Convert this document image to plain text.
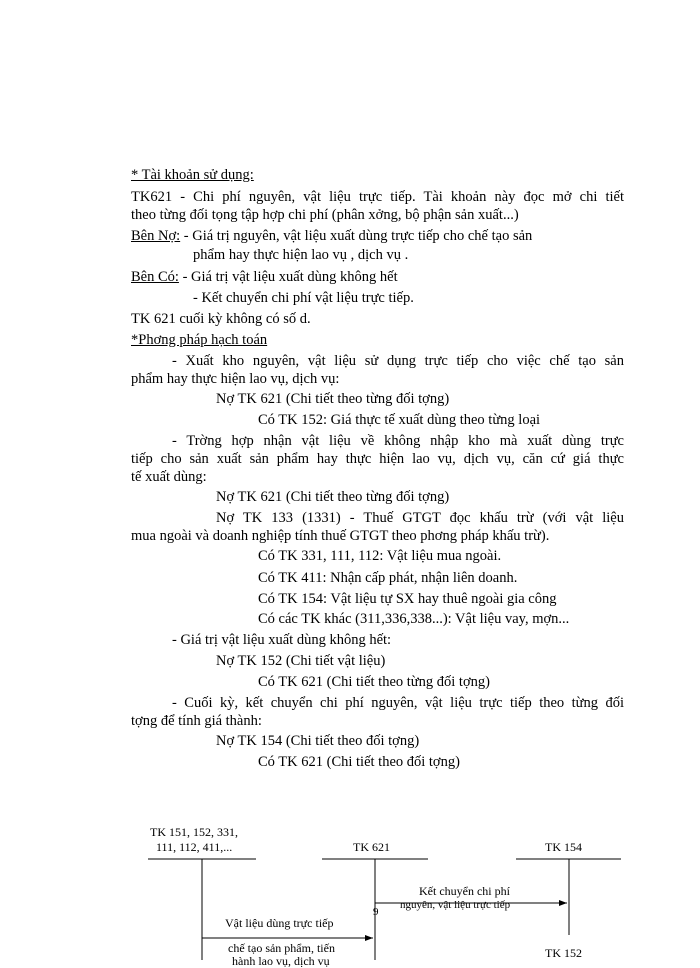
* Tài khoản sử dụng:
TK621 - Chi phí nguyên, vật liệu trực tiếp. Tài khoản này đọc mở chi tiết
theo từng đối tọng tập hợp chi phí (phân xởng, bộ phận sản xuất...)
Bên Nợ: - Giá trị nguyên, vật liệu xuất dùng trực tiếp cho chế tạo sản
phẩm hay thực hiện lao vụ , dịch vụ .
Bên Có: - Giá trị vật liệu xuất dùng không hết
- Kết chuyển chi phí vật liệu trực tiếp.
TK 621 cuối kỳ không có số d.
*Phơng pháp hạch toán
- Xuất kho nguyên, vật liệu sử dụng trực tiếp cho việc chế tạo sản
phẩm hay thực hiện lao vụ, dịch vụ:
Nợ TK 621 (Chi tiết theo từng đối tợng)
Có TK 152: Giá thực tế xuất dùng theo từng loại
- Trờng hợp nhận vật liệu về không nhập kho mà xuất dùng trực
tiếp cho sản xuất sản phẩm hay thực hiện lao vụ, dịch vụ, căn cứ giá thực
tế xuất dùng:
Nợ TK 621 (Chi tiết theo từng đối tợng)
Nợ TK 133 (1331) - Thuế GTGT đọc khấu trừ (với vật liệu
mua ngoài và doanh nghiệp tính thuế GTGT theo phơng pháp khấu trừ).
Có TK 331, 111, 112: Vật liệu mua ngoài.
Có TK 411: Nhận cấp phát, nhận liên doanh.
Có TK 154: Vật liệu tự SX hay thuê ngoài gia công
Có các TK khác (311,336,338...): Vật liệu vay, mợn...
- Giá trị vật liệu xuất dùng không hết:
Nợ TK 152 (Chi tiết vật liệu)
Có TK 621 (Chi tiết theo từng đối tợng)
- Cuối kỳ, kết chuyển chi phí nguyên, vật liệu trực tiếp theo từng đối
tợng để tính giá thành:
Nợ TK 154 (Chi tiết theo đối tợng)
Có TK 621 (Chi tiết theo đối tợng)
TK 151, 152, 331,
111, 112, 411,...	TK 621	TK 154
Kết chuyển chi phí
nguyên, vật liệu trực tiếp
9
Vật liệu dùng trực tiếp
chế tạo sản phẩm, tiến
hành lao vụ, dịch vụ
TK 152
